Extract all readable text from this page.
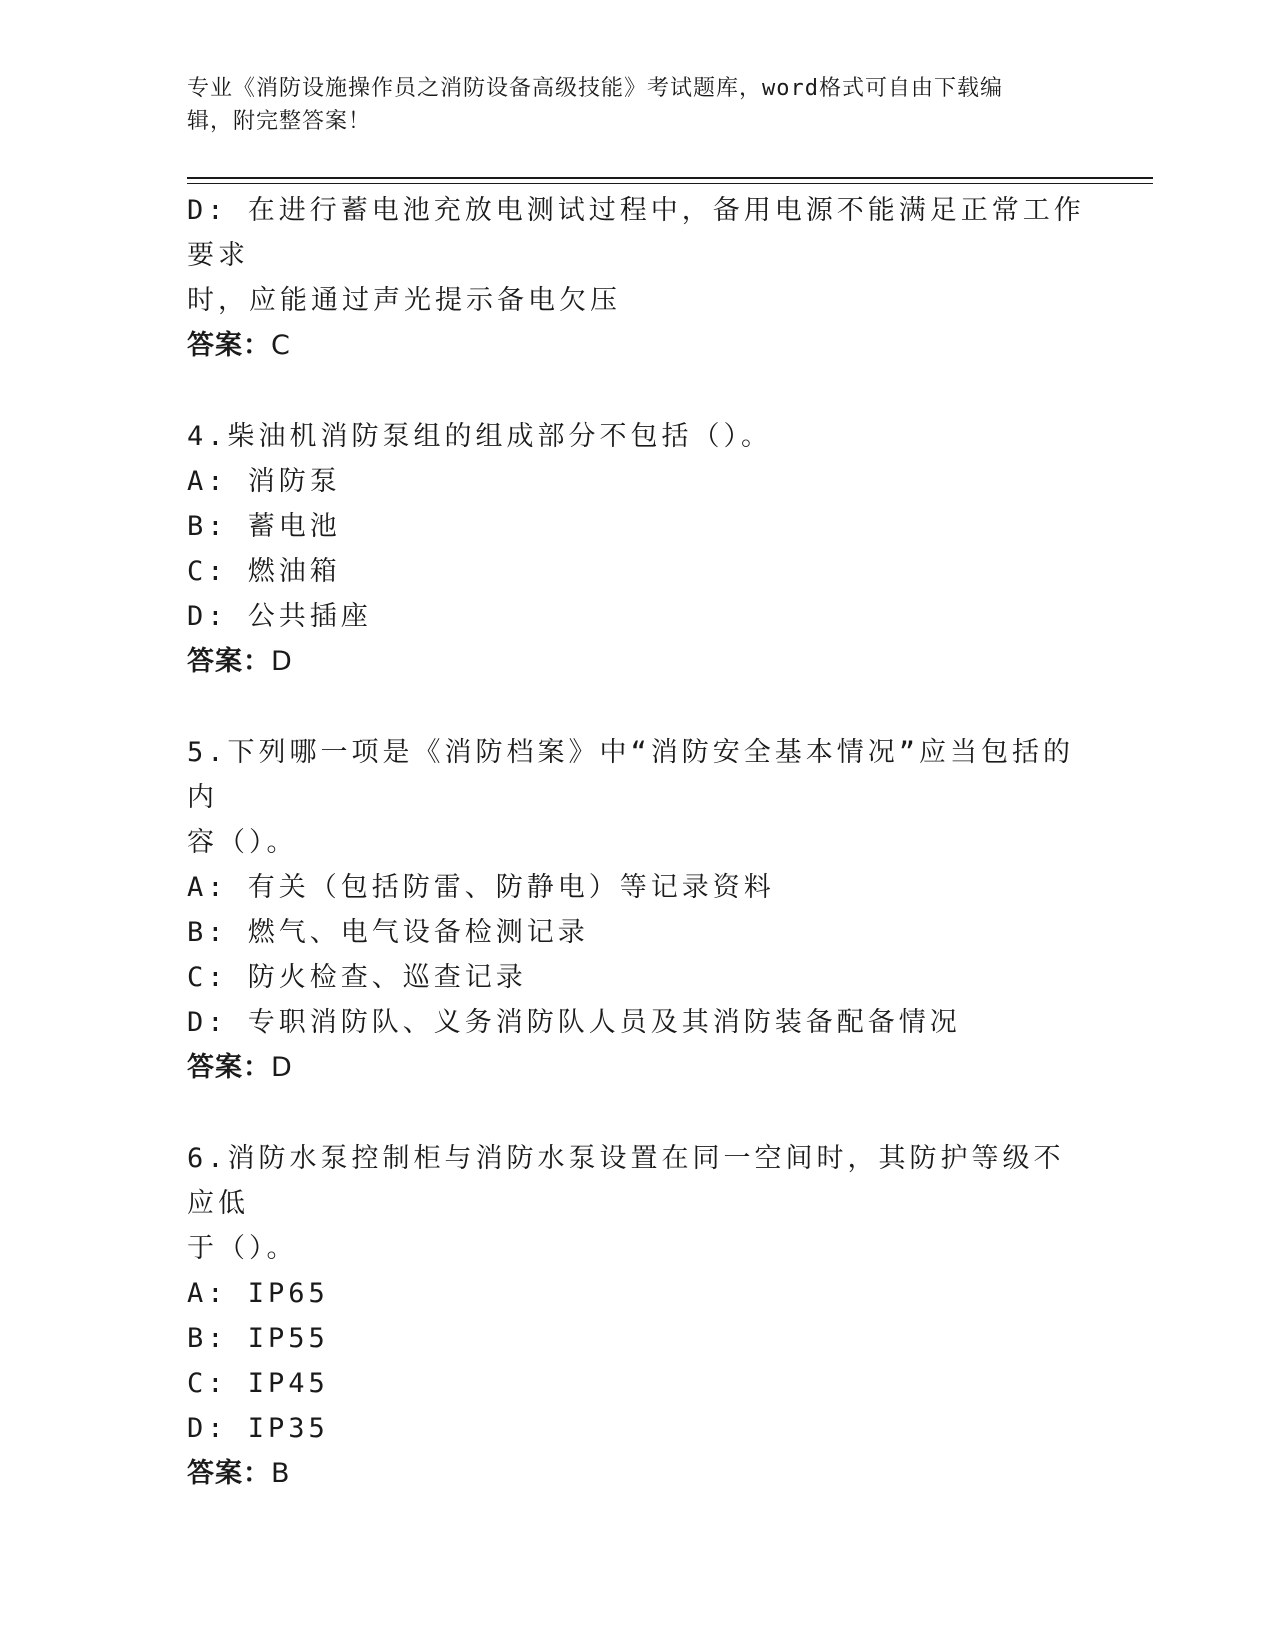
专业《消防设施操作员之消防设备高级技能》考试题库，word格式可自由下载编
辑，附完整答案！

D: 在进行蓄电池充放电测试过程中，备用电源不能满足正常工作要求

时，应能通过声光提示备电欠压

答案：C

4.柴油机消防泵组的组成部分不包括（）。

A: 消防泵

B: 蓄电池

C: 燃油箱

D: 公共插座

答案：D

5.下列哪一项是《消防档案》中“消防安全基本情况”应当包括的内

容（）。

A: 有关（包括防雷、防静电）等记录资料

B: 燃气、电气设备检测记录

C: 防火检查、巡查记录

D: 专职消防队、义务消防队人员及其消防装备配备情况

答案：D

6.消防水泵控制柜与消防水泵设置在同一空间时，其防护等级不应低

于（）。

A: IP65

B: IP55

C: IP45

D: IP35

答案：B
